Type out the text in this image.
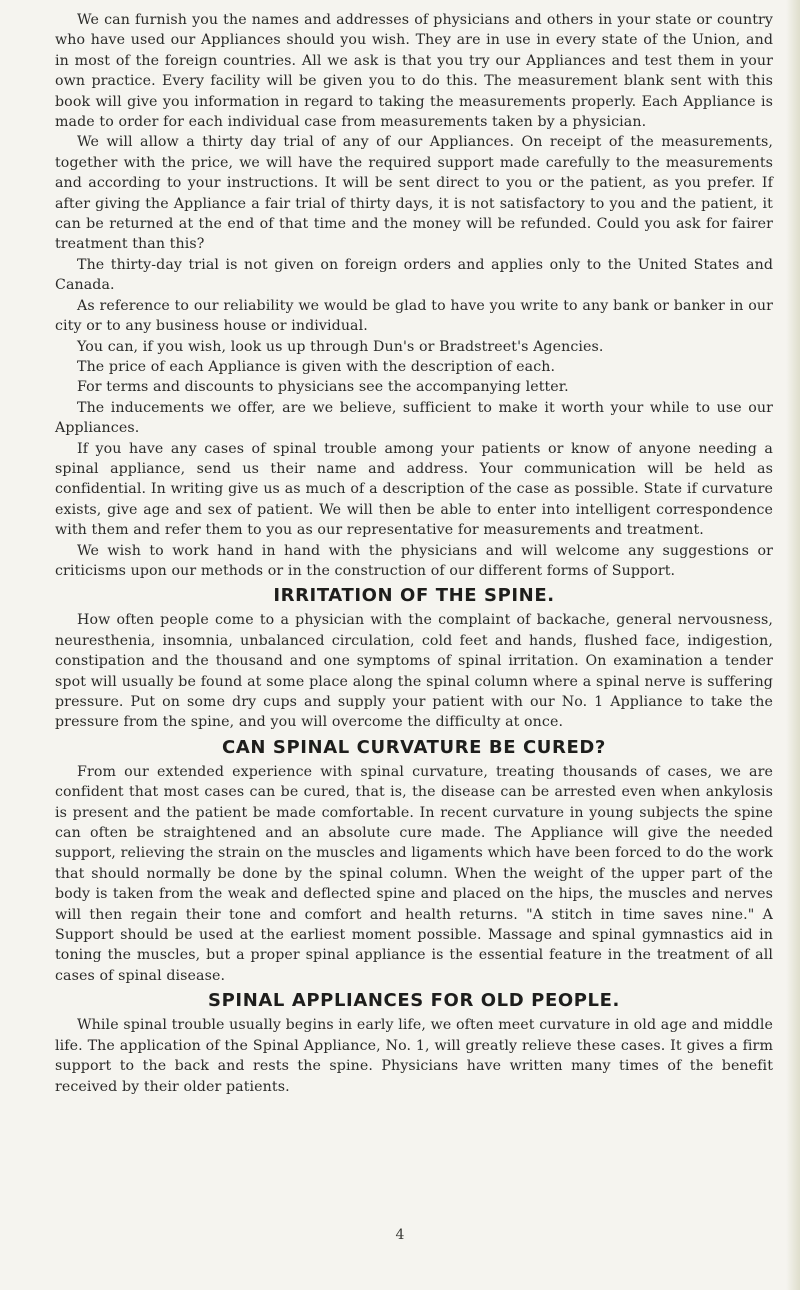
We can furnish you the names and addresses of physicians and others in your state or country who have used our Appliances should you wish. They are in use in every state of the Union, and in most of the foreign countries. All we ask is that you try our Appliances and test them in your own practice. Every facility will be given you to do this. The measurement blank sent with this book will give you information in regard to taking the measurements properly. Each Appliance is made to order for each individual case from measurements taken by a physician.

We will allow a thirty day trial of any of our Appliances. On receipt of the measurements, together with the price, we will have the required support made carefully to the measurements and according to your instructions. It will be sent direct to you or the patient, as you prefer. If after giving the Appliance a fair trial of thirty days, it is not satisfactory to you and the patient, it can be returned at the end of that time and the money will be refunded. Could you ask for fairer treatment than this?

The thirty-day trial is not given on foreign orders and applies only to the United States and Canada.

As reference to our reliability we would be glad to have you write to any bank or banker in our city or to any business house or individual.

You can, if you wish, look us up through Dun's or Bradstreet's Agencies.

The price of each Appliance is given with the description of each.

For terms and discounts to physicians see the accompanying letter.

The inducements we offer, are we believe, sufficient to make it worth your while to use our Appliances.

If you have any cases of spinal trouble among your patients or know of anyone needing a spinal appliance, send us their name and address. Your communication will be held as confidential. In writing give us as much of a description of the case as possible. State if curvature exists, give age and sex of patient. We will then be able to enter into intelligent correspondence with them and refer them to you as our representative for measurements and treatment.

We wish to work hand in hand with the physicians and will welcome any suggestions or criticisms upon our methods or in the construction of our different forms of Support.

IRRITATION OF THE SPINE.

How often people come to a physician with the complaint of backache, general nervousness, neuresthenia, insomnia, unbalanced circulation, cold feet and hands, flushed face, indigestion, constipation and the thousand and one symptoms of spinal irritation. On examination a tender spot will usually be found at some place along the spinal column where a spinal nerve is suffering pressure. Put on some dry cups and supply your patient with our No. 1 Appliance to take the pressure from the spine, and you will overcome the difficulty at once.

CAN SPINAL CURVATURE BE CURED?

From our extended experience with spinal curvature, treating thousands of cases, we are confident that most cases can be cured, that is, the disease can be arrested even when ankylosis is present and the patient be made comfortable. In recent curvature in young subjects the spine can often be straightened and an absolute cure made. The Appliance will give the needed support, relieving the strain on the muscles and ligaments which have been forced to do the work that should normally be done by the spinal column. When the weight of the upper part of the body is taken from the weak and deflected spine and placed on the hips, the muscles and nerves will then regain their tone and comfort and health returns. "A stitch in time saves nine." A Support should be used at the earliest moment possible. Massage and spinal gymnastics aid in toning the muscles, but a proper spinal appliance is the essential feature in the treatment of all cases of spinal disease.

SPINAL APPLIANCES FOR OLD PEOPLE.

While spinal trouble usually begins in early life, we often meet curvature in old age and middle life. The application of the Spinal Appliance, No. 1, will greatly relieve these cases. It gives a firm support to the back and rests the spine. Physicians have written many times of the benefit received by their older patients.

4
